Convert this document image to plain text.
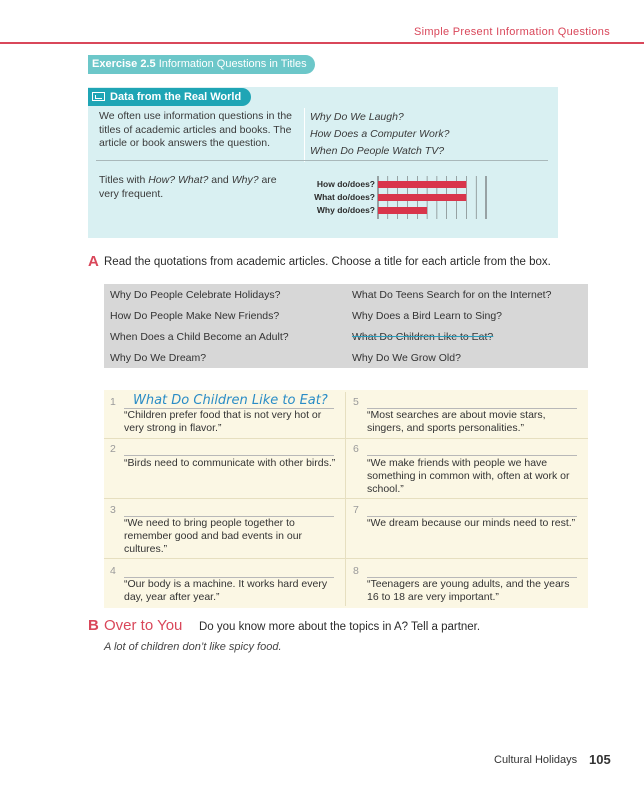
Simple Present Information Questions
Exercise 2.5 Information Questions in Titles
Data from the Real World
We often use information questions in the titles of academic articles and books. The article or book answers the question.
Why Do We Laugh?
How Does a Computer Work?
When Do People Watch TV?
Titles with How? What? and Why? are very frequent.
How do/does?
What do/does?
Why do/does?
A Read the quotations from academic articles. Choose a title for each article from the box.
Why Do People Celebrate Holidays?	What Do Teens Search for on the Internet?
How Do People Make New Friends?	Why Does a Bird Learn to Sing?
When Does a Child Become an Adult?	What Do Children Like to Eat?
Why Do We Dream?	Why Do We Grow Old?
1 What Do Children Like to Eat?
“Children prefer food that is not very hot or very strong in flavor.”
5
“Most searches are about movie stars, singers, and sports personalities.”
2
“Birds need to communicate with other birds.”
6
“We make friends with people we have something in common with, often at work or school.”
3
“We need to bring people together to remember good and bad events in our cultures.”
7
“We dream because our minds need to rest.”
4
“Our body is a machine. It works hard every day, year after year.”
8
“Teenagers are young adults, and the years 16 to 18 are very important.”
B Over to You Do you know more about the topics in A? Tell a partner.
A lot of children don’t like spicy food.
Cultural Holidays 105
